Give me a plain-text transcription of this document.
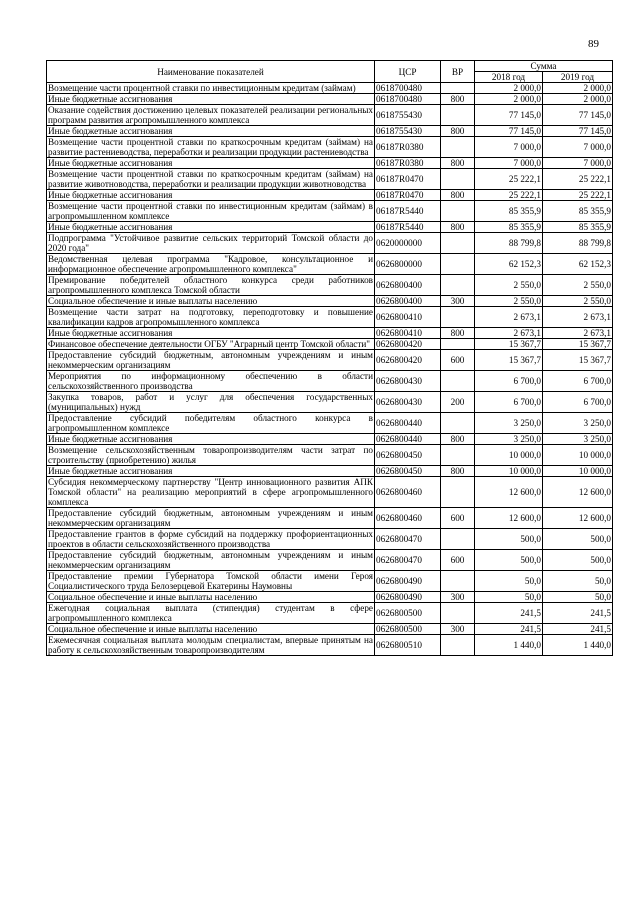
89
Наименование показателей	ЦСР	ВР	Сумма	
			2018 год	2019 год
Возмещение части процентной ставки по инвестиционным кредитам (займам)	0618700480		2 000,0	2 000,0
Иные бюджетные ассигнования	0618700480	800	2 000,0	2 000,0
Оказание содействия достижению целевых показателей реализации региональных программ развития агропромышленного комплекса	0618755430		77 145,0	77 145,0
Иные бюджетные ассигнования	0618755430	800	77 145,0	77 145,0
Возмещение части процентной ставки по краткосрочным кредитам (займам) на развитие растениеводства, переработки и реализации продукции растениеводства	06187R0380		7 000,0	7 000,0
Иные бюджетные ассигнования	06187R0380	800	7 000,0	7 000,0
Возмещение части процентной ставки по краткосрочным кредитам (займам) на развитие животноводства, переработки и реализации продукции животноводства	06187R0470		25 222,1	25 222,1
Иные бюджетные ассигнования	06187R0470	800	25 222,1	25 222,1
Возмещение части процентной ставки по инвестиционным кредитам (займам) в агропромышленном комплексе	06187R5440		85 355,9	85 355,9
Иные бюджетные ассигнования	06187R5440	800	85 355,9	85 355,9
Подпрограмма "Устойчивое развитие сельских территорий Томской области до 2020 года"	0620000000		88 799,8	88 799,8
Ведомственная целевая программа "Кадровое, консультационное и информационное обеспечение агропромышленного комплекса"	0626800000		62 152,3	62 152,3
Премирование победителей областного конкурса среди работников агропромышленного комплекса Томской области	0626800400		2 550,0	2 550,0
Социальное обеспечение и иные выплаты населению	0626800400	300	2 550,0	2 550,0
Возмещение части затрат на подготовку, переподготовку и повышение квалификации кадров агропромышленного комплекса	0626800410		2 673,1	2 673,1
Иные бюджетные ассигнования	0626800410	800	2 673,1	2 673,1
Финансовое обеспечение деятельности ОГБУ "Аграрный центр Томской области"	0626800420		15 367,7	15 367,7
Предоставление субсидий бюджетным, автономным учреждениям и иным некоммерческим организациям	0626800420	600	15 367,7	15 367,7
Мероприятия по информационному обеспечению в области сельскохозяйственного производства	0626800430		6 700,0	6 700,0
Закупка товаров, работ и услуг для обеспечения государственных (муниципальных) нужд	0626800430	200	6 700,0	6 700,0
Предоставление субсидий победителям областного конкурса в агропромышленном комплексе	0626800440		3 250,0	3 250,0
Иные бюджетные ассигнования	0626800440	800	3 250,0	3 250,0
Возмещение сельскохозяйственным товаропроизводителям части затрат по строительству (приобретению) жилья	0626800450		10 000,0	10 000,0
Иные бюджетные ассигнования	0626800450	800	10 000,0	10 000,0
Субсидия некоммерческому партнерству "Центр инновационного развития АПК Томской области" на реализацию мероприятий в сфере агропромышленного комплекса	0626800460		12 600,0	12 600,0
Предоставление субсидий бюджетным, автономным учреждениям и иным некоммерческим организациям	0626800460	600	12 600,0	12 600,0
Предоставление грантов в форме субсидий на поддержку профориентационных проектов в области сельскохозяйственного производства	0626800470		500,0	500,0
Предоставление субсидий бюджетным, автономным учреждениям и иным некоммерческим организациям	0626800470	600	500,0	500,0
Предоставление премии Губернатора Томской области имени Героя Социалистического труда Белозерцевой Екатерины Наумовны	0626800490		50,0	50,0
Социальное обеспечение и иные выплаты населению	0626800490	300	50,0	50,0
Ежегодная социальная выплата (стипендия) студентам в сфере агропромышленного комплекса	0626800500		241,5	241,5
Социальное обеспечение и иные выплаты населению	0626800500	300	241,5	241,5
Ежемесячная социальная выплата молодым специалистам, впервые принятым на работу к сельскохозяйственным товаропроизводителям	0626800510		1 440,0	1 440,0
